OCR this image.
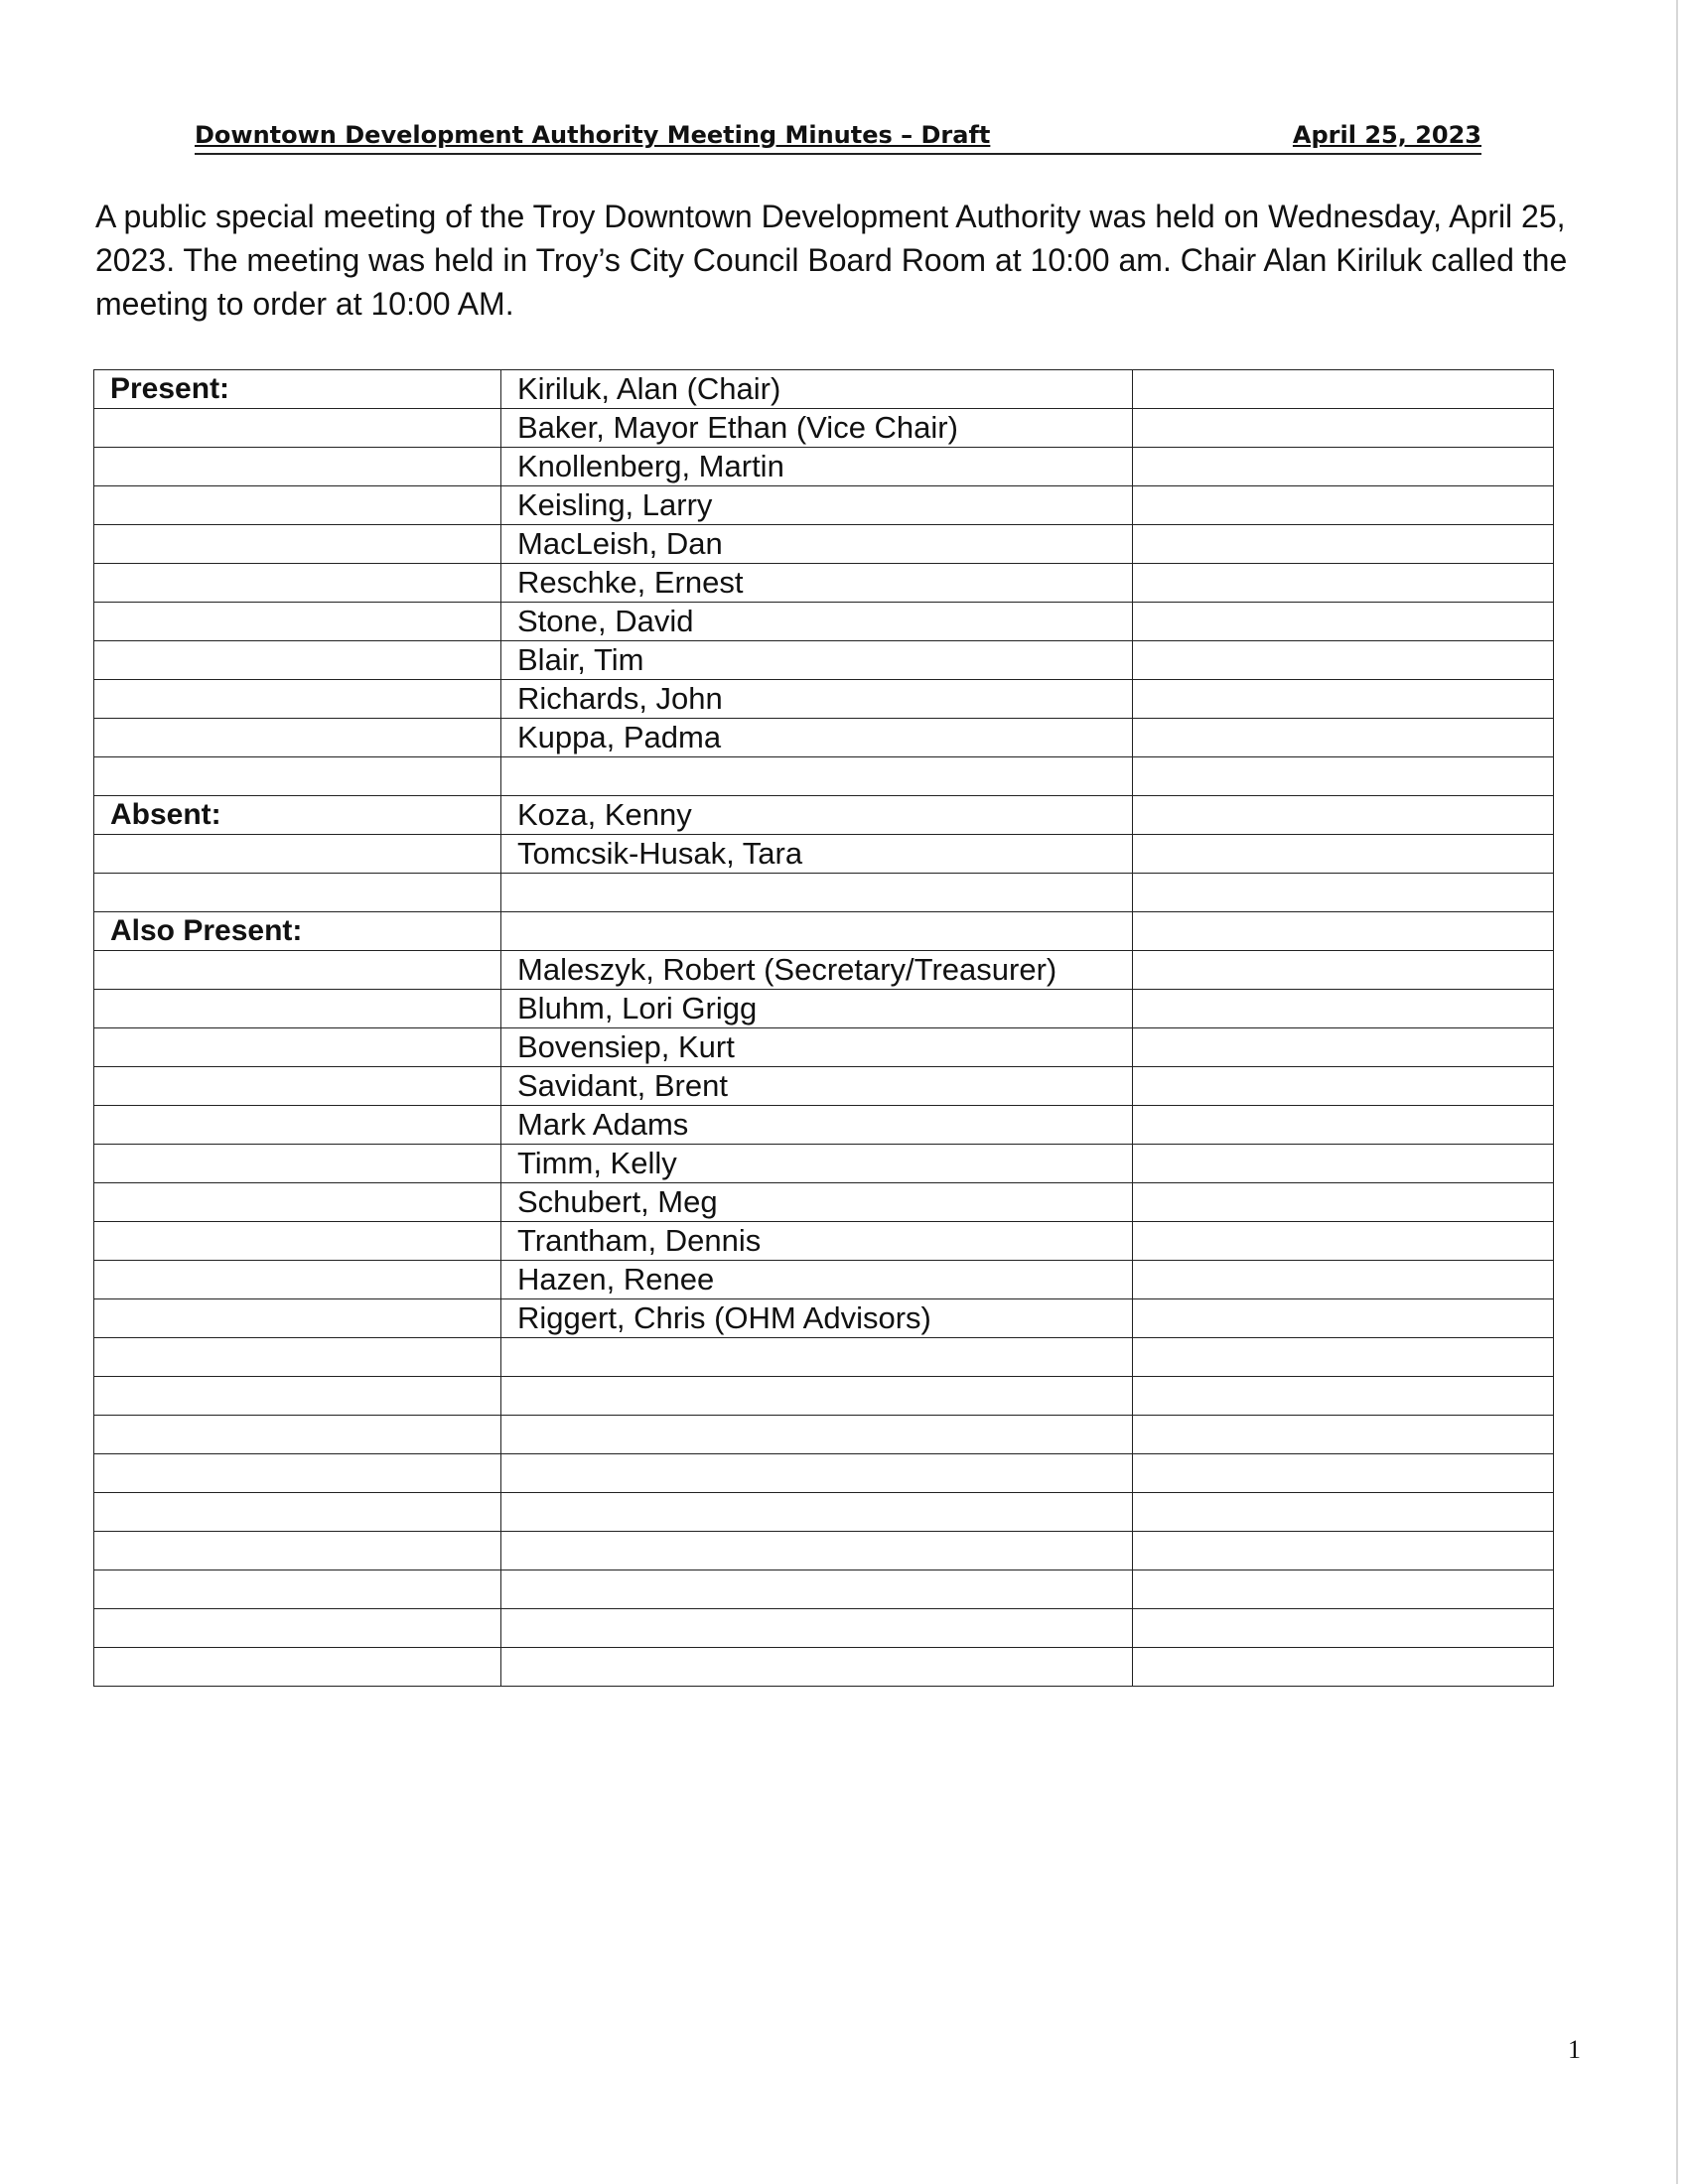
Downtown Development Authority Meeting Minutes – Draft	April 25, 2023
A public special meeting of the Troy Downtown Development Authority was held on Wednesday, April 25, 2023. The meeting was held in Troy’s City Council Board Room at 10:00 am. Chair Alan Kiriluk called the meeting to order at 10:00 AM.
Present:	Kiriluk, Alan (Chair)	
	Baker, Mayor Ethan (Vice Chair)	
	Knollenberg, Martin	
	Keisling, Larry	
	MacLeish, Dan	
	Reschke, Ernest	
	Stone, David	
	Blair, Tim	
	Richards, John	
	Kuppa, Padma	

Absent:	Koza, Kenny	
	Tomcsik-Husak, Tara	

Also Present:		
	Maleszyk, Robert (Secretary/Treasurer)	
	Bluhm, Lori Grigg	
	Bovensiep, Kurt	
	Savidant, Brent	
	Mark Adams	
	Timm, Kelly	
	Schubert, Meg	
	Trantham, Dennis	
	Hazen, Renee	
	Riggert, Chris (OHM Advisors)	

1
